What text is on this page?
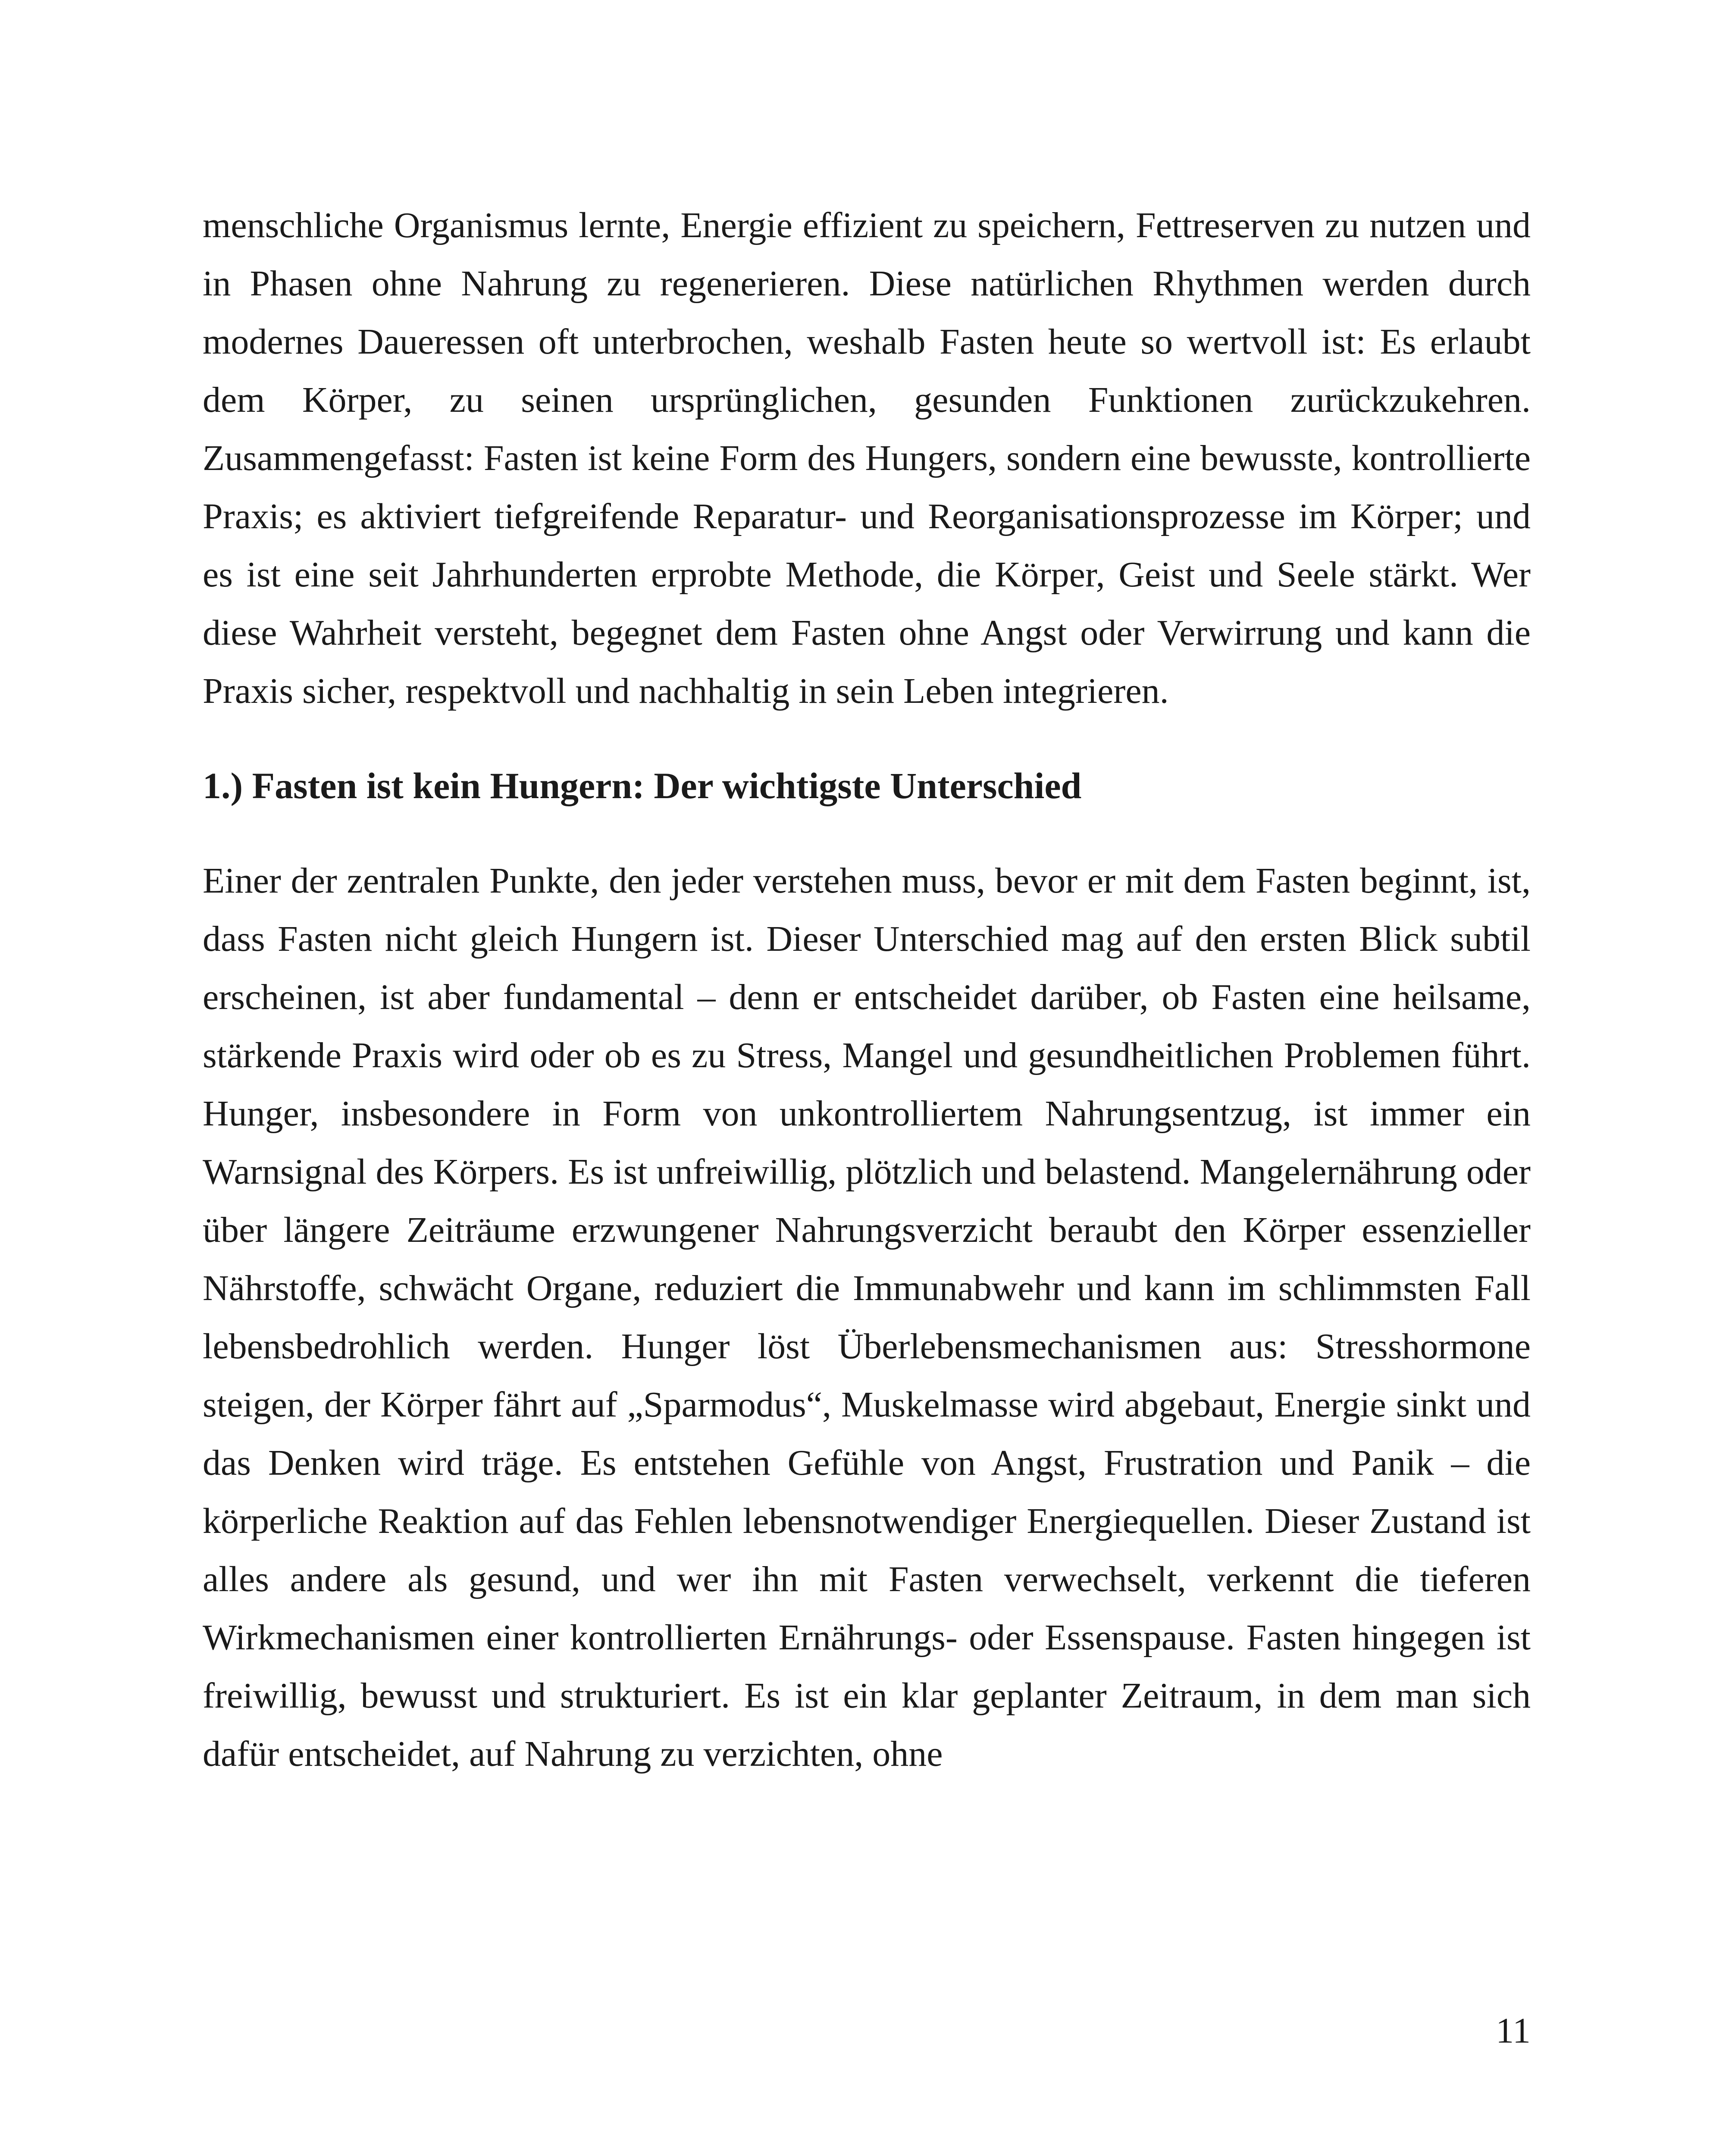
menschliche Organismus lernte, Energie effizient zu speichern, Fettreserven zu nutzen und in Phasen ohne Nahrung zu regenerieren. Diese natürlichen Rhythmen werden durch modernes Daueressen oft unterbrochen, weshalb Fasten heute so wertvoll ist: Es erlaubt dem Körper, zu seinen ursprünglichen, gesunden Funktionen zurückzukehren. Zusammengefasst: Fasten ist keine Form des Hungers, sondern eine bewusste, kontrollierte Praxis; es aktiviert tiefgreifende Reparatur- und Reorganisationsprozesse im Körper; und es ist eine seit Jahrhunderten erprobte Methode, die Körper, Geist und Seele stärkt. Wer diese Wahrheit versteht, begegnet dem Fasten ohne Angst oder Verwirrung und kann die Praxis sicher, respektvoll und nachhaltig in sein Leben integrieren.

1.) Fasten ist kein Hungern: Der wichtigste Unterschied

Einer der zentralen Punkte, den jeder verstehen muss, bevor er mit dem Fasten beginnt, ist, dass Fasten nicht gleich Hungern ist. Dieser Unterschied mag auf den ersten Blick subtil erscheinen, ist aber fundamental – denn er entscheidet darüber, ob Fasten eine heilsame, stärkende Praxis wird oder ob es zu Stress, Mangel und gesundheitlichen Problemen führt. Hunger, insbesondere in Form von unkontrolliertem Nahrungsentzug, ist immer ein Warnsignal des Körpers. Es ist unfreiwillig, plötzlich und belastend. Mangelernährung oder über längere Zeiträume erzwungener Nahrungsverzicht beraubt den Körper essenzieller Nährstoffe, schwächt Organe, reduziert die Immunabwehr und kann im schlimmsten Fall lebensbedrohlich werden. Hunger löst Überlebensmechanismen aus: Stresshormone steigen, der Körper fährt auf „Sparmodus“, Muskelmasse wird abgebaut, Energie sinkt und das Denken wird träge. Es entstehen Gefühle von Angst, Frustration und Panik – die körperliche Reaktion auf das Fehlen lebensnotwendiger Energiequellen. Dieser Zustand ist alles andere als gesund, und wer ihn mit Fasten verwechselt, verkennt die tieferen Wirkmechanismen einer kontrollierten Ernährungs- oder Essenspause. Fasten hingegen ist freiwillig, bewusst und strukturiert. Es ist ein klar geplanter Zeitraum, in dem man sich dafür entscheidet, auf Nahrung zu verzichten, ohne

11
